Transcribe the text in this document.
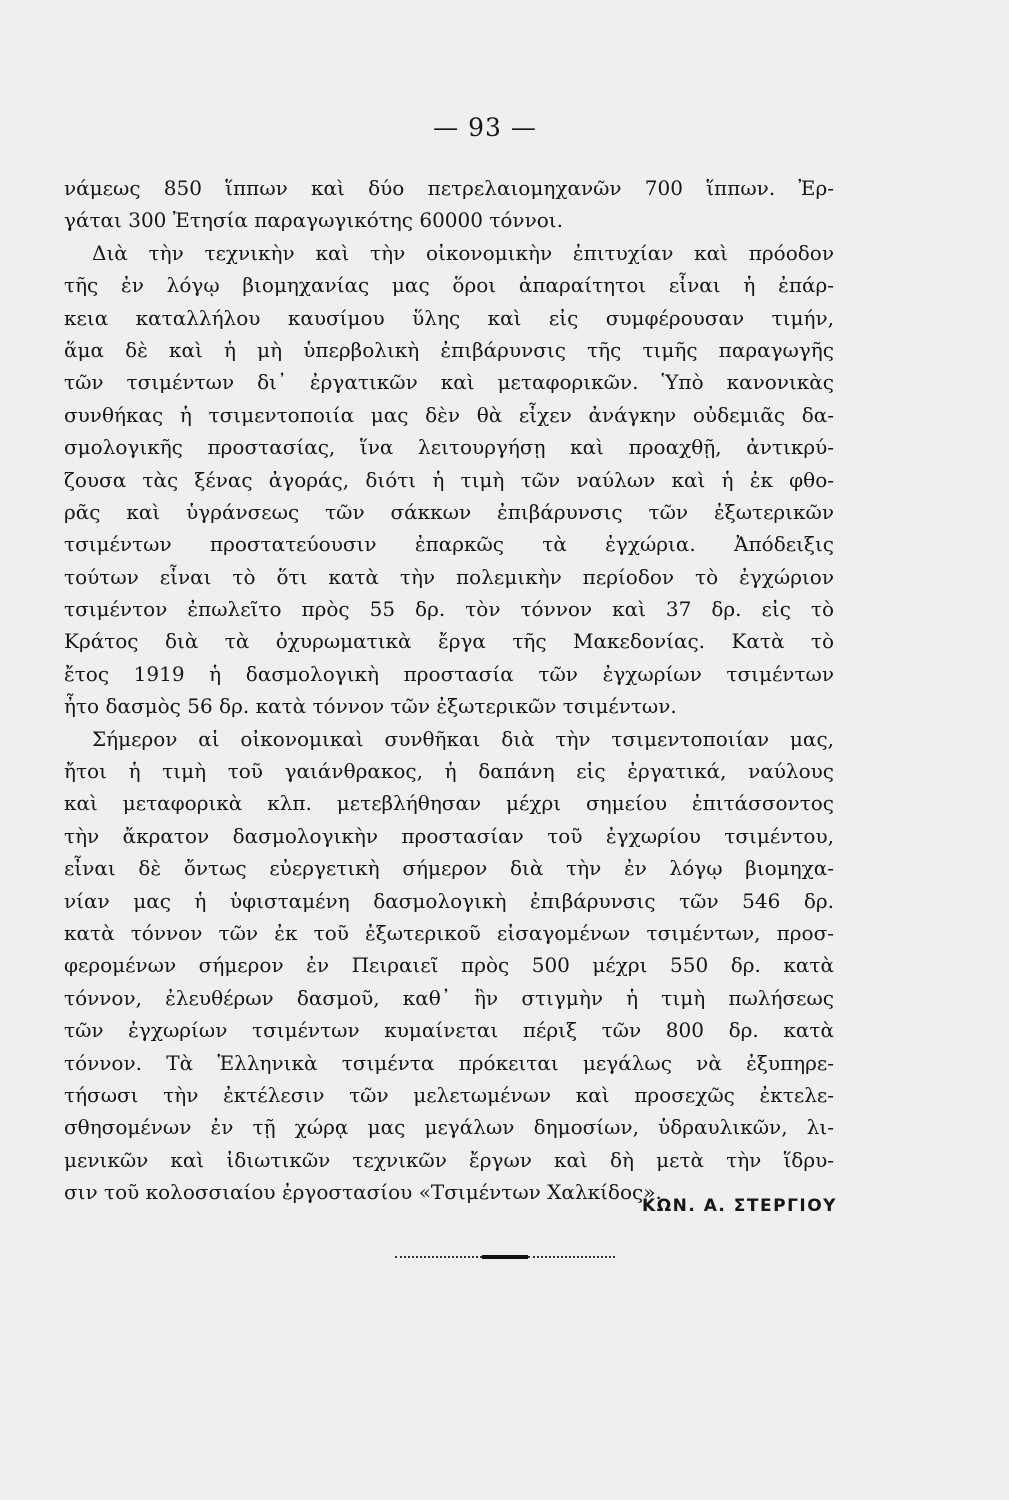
— 93 —
νάμεως 850 ἵππων καὶ δύο πετρελαιομηχανῶν 700 ἵππων. Ἐρ-
γάται 300 Ἐτησία παραγωγικότης 60000 τόννοι.
Διὰ τὴν τεχνικὴν καὶ τὴν οἰκονομικὴν ἐπιτυχίαν καὶ πρόοδον
τῆς ἐν λόγῳ βιομηχανίας μας ὅροι ἀπαραίτητοι εἶναι ἡ ἐπάρ-
κεια καταλλήλου καυσίμου ὕλης καὶ εἰς συμφέρουσαν τιμήν,
ἅμα δὲ καὶ ἡ μὴ ὑπερβολικὴ ἐπιβάρυνσις τῆς τιμῆς παραγωγῆς
τῶν τσιμέντων δι᾽ ἐργατικῶν καὶ μεταφορικῶν. Ὑπὸ κανονικὰς
συνθήκας ἡ τσιμεντοποιία μας δὲν θὰ εἶχεν ἀνάγκην οὐδεμιᾶς δα-
σμολογικῆς προστασίας, ἵνα λειτουργήσῃ καὶ προαχθῇ, ἀντικρύ-
ζουσα τὰς ξένας ἀγοράς, διότι ἡ τιμὴ τῶν ναύλων καὶ ἡ ἐκ φθο-
ρᾶς καὶ ὑγράνσεως τῶν σάκκων ἐπιβάρυνσις τῶν ἐξωτερικῶν
τσιμέντων προστατεύουσιν ἐπαρκῶς τὰ ἐγχώρια. Ἀπόδειξις
τούτων εἶναι τὸ ὅτι κατὰ τὴν πολεμικὴν περίοδον τὸ ἐγχώριον
τσιμέντον ἐπωλεῖτο πρὸς 55 δρ. τὸν τόννον καὶ 37 δρ. εἰς τὸ
Κράτος διὰ τὰ ὀχυρωματικὰ ἔργα τῆς Μακεδονίας. Κατὰ τὸ
ἔτος 1919 ἡ δασμολογικὴ προστασία τῶν ἐγχωρίων τσιμέντων
ἦτο δασμὸς 56 δρ. κατὰ τόννον τῶν ἐξωτερικῶν τσιμέντων.
Σήμερον αἱ οἰκονομικαὶ συνθῆκαι διὰ τὴν τσιμεντοποιίαν μας,
ἤτοι ἡ τιμὴ τοῦ γαιάνθρακος, ἡ δαπάνη εἰς ἐργατικά, ναύλους
καὶ μεταφορικὰ κλπ. μετεβλήθησαν μέχρι σημείου ἐπιτάσσοντος
τὴν ἄκρατον δασμολογικὴν προστασίαν τοῦ ἐγχωρίου τσιμέντου,
εἶναι δὲ ὄντως εὐεργετικὴ σήμερον διὰ τὴν ἐν λόγῳ βιομηχα-
νίαν μας ἡ ὑφισταμένη δασμολογικὴ ἐπιβάρυνσις τῶν 546 δρ.
κατὰ τόννον τῶν ἐκ τοῦ ἐξωτερικοῦ εἰσαγομένων τσιμέντων, προσ-
φερομένων σήμερον ἐν Πειραιεῖ πρὸς 500 μέχρι 550 δρ. κατὰ
τόννον, ἐλευθέρων δασμοῦ, καθ᾽ ἣν στιγμὴν ἡ τιμὴ πωλήσεως
τῶν ἐγχωρίων τσιμέντων κυμαίνεται πέριξ τῶν 800 δρ. κατὰ
τόννον. Τὰ Ἑλληνικὰ τσιμέντα πρόκειται μεγάλως νὰ ἐξυπηρε-
τήσωσι τὴν ἐκτέλεσιν τῶν μελετωμένων καὶ προσεχῶς ἐκτελε-
σθησομένων ἐν τῇ χώρᾳ μας μεγάλων δημοσίων, ὑδραυλικῶν, λι-
μενικῶν καὶ ἰδιωτικῶν τεχνικῶν ἔργων καὶ δὴ μετὰ τὴν ἵδρυ-
σιν τοῦ κολοσσιαίου ἐργοστασίου «Τσιμέντων Χαλκίδος».
ΚΩΝ. Α. ΣΤΕΡΓΙΟΥ
